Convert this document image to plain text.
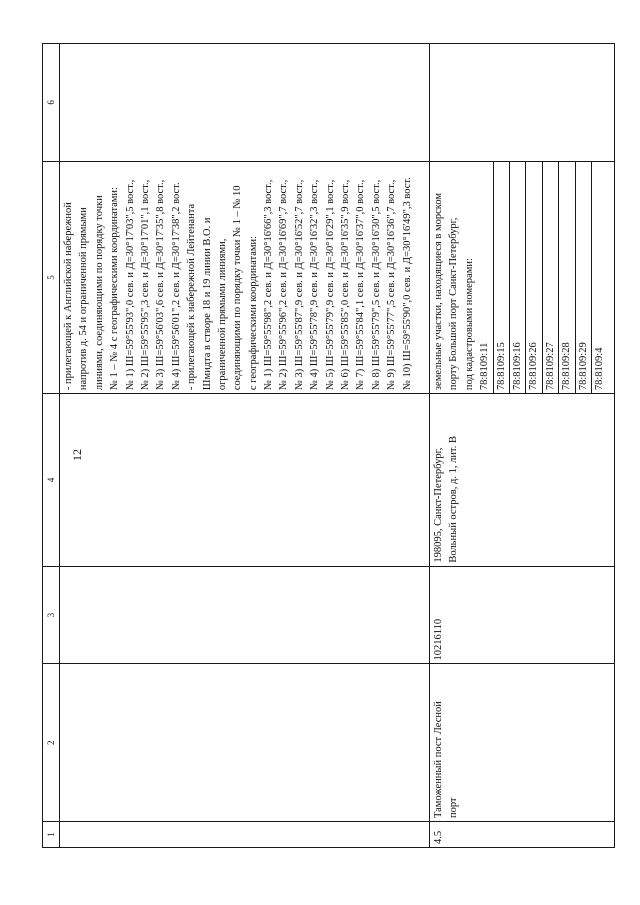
12
1
2
3
4
5
6
- прилегающей к Английской набережной напротив д. 54 и ограниченной прямыми линиями, соединяющими по порядку точки № 1 – № 4 с географическими координатами: № 1) Ш=59°55'93",0 сев. и Д=30°17'03",5 вост., № 2) Ш=59°55'95",3 сев. и Д=30°17'01",1 вост., № 3) Ш=59°56'03",6 сев. и Д=30°17'35",8 вост., № 4) Ш=59°56'01",2 сев. и Д=30°17'38",2 вост. - прилегающей к набережной Лейтенанта Шмидта в створе 18 и 19 линии В.О. и ограниченной прямыми линиями, соединяющими по порядку точки № 1 – № 10 с географическими координатами: № 1) Ш=59°55'98",2 сев. и Д=30°16'66",3 вост., № 2) Ш=59°55'96",2 сев. и Д=30°16'69",7 вост., № 3) Ш=59°55'87",9 сев. и Д=30°16'52",7 вост., № 4) Ш=59°55'78",9 сев. и Д=30°16'32",3 вост., № 5) Ш=59°55'79",9 сев. и Д=30°16'29",1 вост., № 6) Ш=59°55'85",0 сев. и Д=30°16'35",9 вост., № 7) Ш=59°55'84",1 сев. и Д=30°16'37",0 вост., № 8) Ш=59°55'79",5 сев. и Д=30°16'30",5 вост., № 9) Ш=59°55'77",5 сев. и Д=30°16'36",7 вост., № 10) Ш=59°55'90",0 сев. и Д=30°16'49",3 вост.
4.5
Таможенный пост Лесной порт
10216110
198095, Санкт-Петербург, Вольный остров, д. 1, лит. В
земельные участки, находящиеся в морском порту Большой порт Санкт-Петербург, под кадастровыми номерами: 78:8109:11 78:8109:15 78:8109:16 78:8109:26 78:8109:27 78:8109:28 78:8109:29 78:8109:4
